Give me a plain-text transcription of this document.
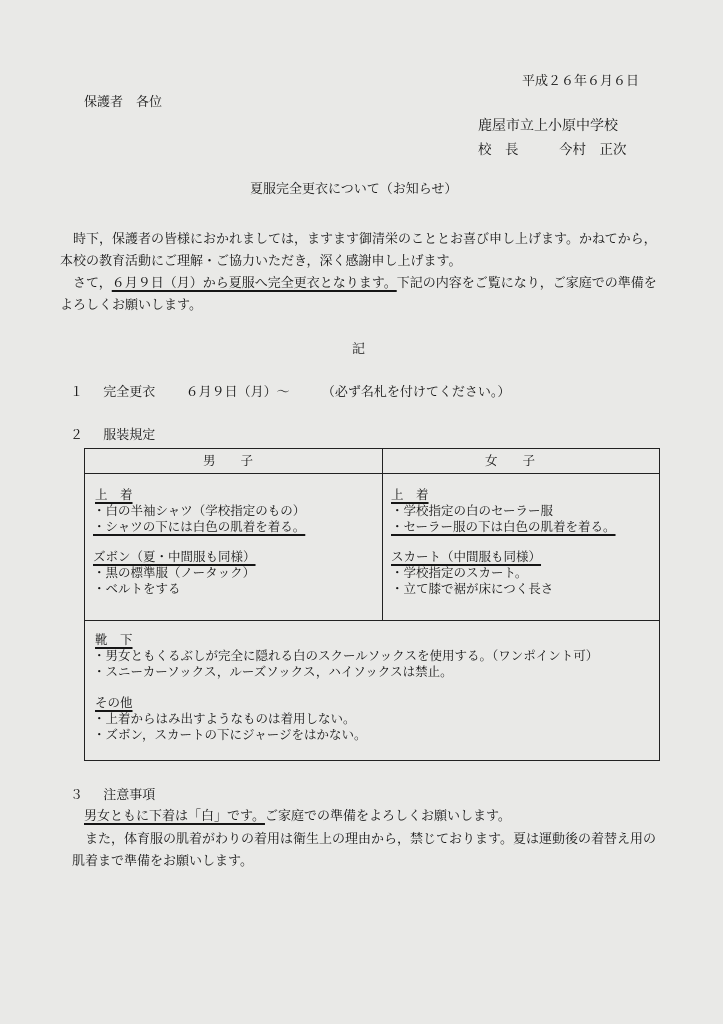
平成２６年６月６日
保護者　各位
鹿屋市立上小原中学校
校　長　　　今村　正次
夏服完全更衣について（お知らせ）
　時下，保護者の皆様におかれましては，ますます御清栄のこととお喜び申し上げます。かねてから，本校の教育活動にご理解・ご協力いただき，深く感謝申し上げます。
　さて，６月９日（月）から夏服へ完全更衣となります。下記の内容をご覧になり，ご家庭での準備をよろしくお願いします。
記
１ 完全更衣 ６月９日（月）～ （必ず名札を付けてください。）
２ 服装規定
男　　子	女　　子
上　着
・白の半袖シャツ（学校指定のもの）
・シャツの下には白色の肌着を着る。
ズボン（夏・中間服も同様）
・黒の標準服（ノータック）
・ベルトをする
上　着
・学校指定の白のセーラー服
・セーラー服の下は白色の肌着を着る。
スカート（中間服も同様）
・学校指定のスカート。
・立て膝で裾が床につく長さ
靴　下
・男女ともくるぶしが完全に隠れる白のスクールソックスを使用する。（ワンポイント可）
・スニーカーソックス，ルーズソックス，ハイソックスは禁止。
その他
・上着からはみ出すようなものは着用しない。
・ズボン，スカートの下にジャージをはかない。
３ 注意事項
男女ともに下着は「白」です。ご家庭での準備をよろしくお願いします。
　また，体育服の肌着がわりの着用は衛生上の理由から，禁じております。夏は運動後の着替え用の肌着まで準備をお願いします。
